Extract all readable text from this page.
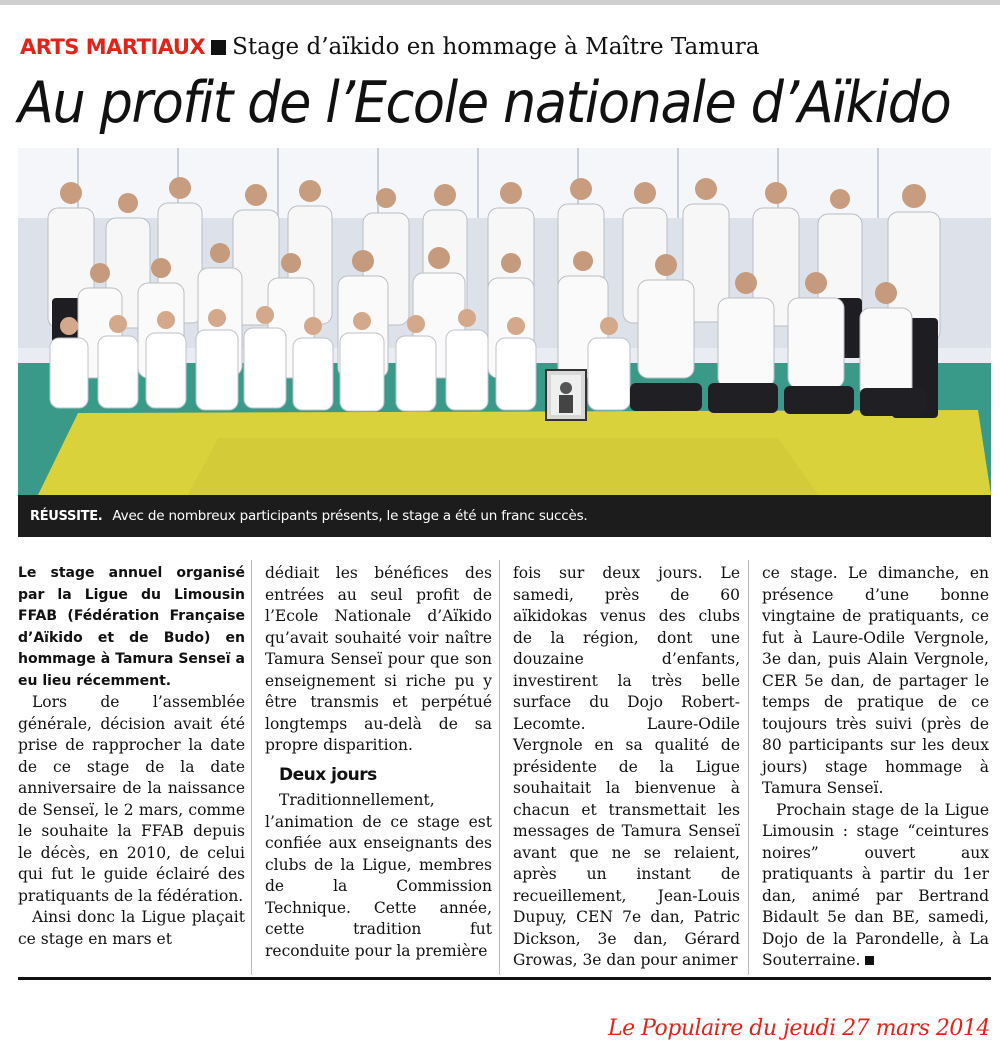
ARTS MARTIAUX Stage d’aïkido en hommage à Maître Tamura
Au profit de l’Ecole nationale d’Aïkido
RÉUSSITE. Avec de nombreux participants présents, le stage a été un franc succès.

Le stage annuel organisé par la Ligue du Limousin FFAB (Fédération Française d’Aïkido et de Budo) en hommage à Tamura Senseï a eu lieu récemment.

Lors de l’assemblée générale, décision avait été prise de rapprocher la date de ce stage de la date anniversaire de la naissance de Senseï, le 2 mars, comme le souhaite la FFAB depuis le décès, en 2010, de celui qui fut le guide éclairé des pratiquants de la fédération.

Ainsi donc la Ligue plaçait ce stage en mars et

dédiait les bénéfices des entrées au seul profit de l’Ecole Nationale d’Aïkido qu’avait souhaité voir naître Tamura Senseï pour que son enseignement si riche pu y être transmis et perpétué longtemps au-delà de sa propre disparition.

Deux jours

Traditionnellement, l’animation de ce stage est confiée aux enseignants des clubs de la Ligue, membres de la Commission Technique. Cette année, cette tradition fut reconduite pour la première

fois sur deux jours. Le samedi, près de 60 aïkidokas venus des clubs de la région, dont une douzaine d’enfants, investirent la très belle surface du Dojo Robert-Lecomte. Laure-Odile Vergnole en sa qualité de présidente de la Ligue souhaitait la bienvenue à chacun et transmettait les messages de Tamura Senseï avant que ne se relaient, après un instant de recueillement, Jean-Louis Dupuy, CEN 7e dan, Patric Dickson, 3e dan, Gérard Growas, 3e dan pour animer

ce stage. Le dimanche, en présence d’une bonne vingtaine de pratiquants, ce fut à Laure-Odile Vergnole, 3e dan, puis Alain Vergnole, CER 5e dan, de partager le temps de pratique de ce toujours très suivi (près de 80 participants sur les deux jours) stage hommage à Tamura Senseï.

Prochain stage de la Ligue Limousin : stage “ceintures noires” ouvert aux pratiquants à partir du 1er dan, animé par Bertrand Bidault 5e dan BE, samedi, Dojo de la Parondelle, à La Souterraine.

Le Populaire du jeudi 27 mars 2014
